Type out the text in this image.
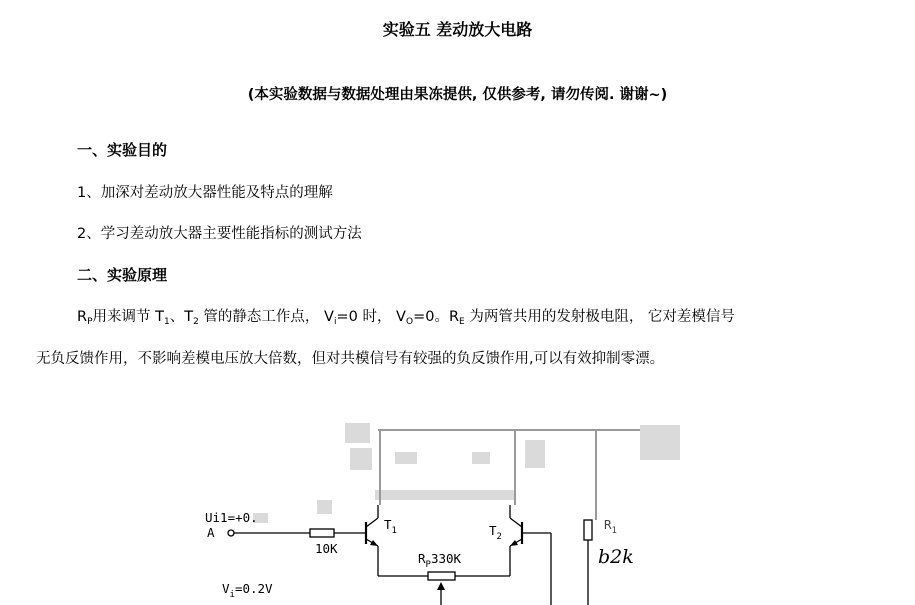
实验五 差动放大电路
(本实验数据与数据处理由果冻提供, 仅供参考, 请勿传阅. 谢谢~)
一、实验目的
1、加深对差动放大器性能及特点的理解
2、学习差动放大器主要性能指标的测试方法
二、实验原理
$R_P$用来调节 $T_1$、$T_2$ 管的静态工作点， $V_i=0$ 时， $V_O=0$。$R_E$ 为两管共用的发射极电阻， 它对差模信号
无负反馈作用，不影响差模电压放大倍数，但对共模信号有较强的负反馈作用,可以有效抑制零漂。
Ui1=+0.
A
10K
$T_1$	$T_2$
$R_P330K$
$V_i=0.2V$
$R_1$
b2k
